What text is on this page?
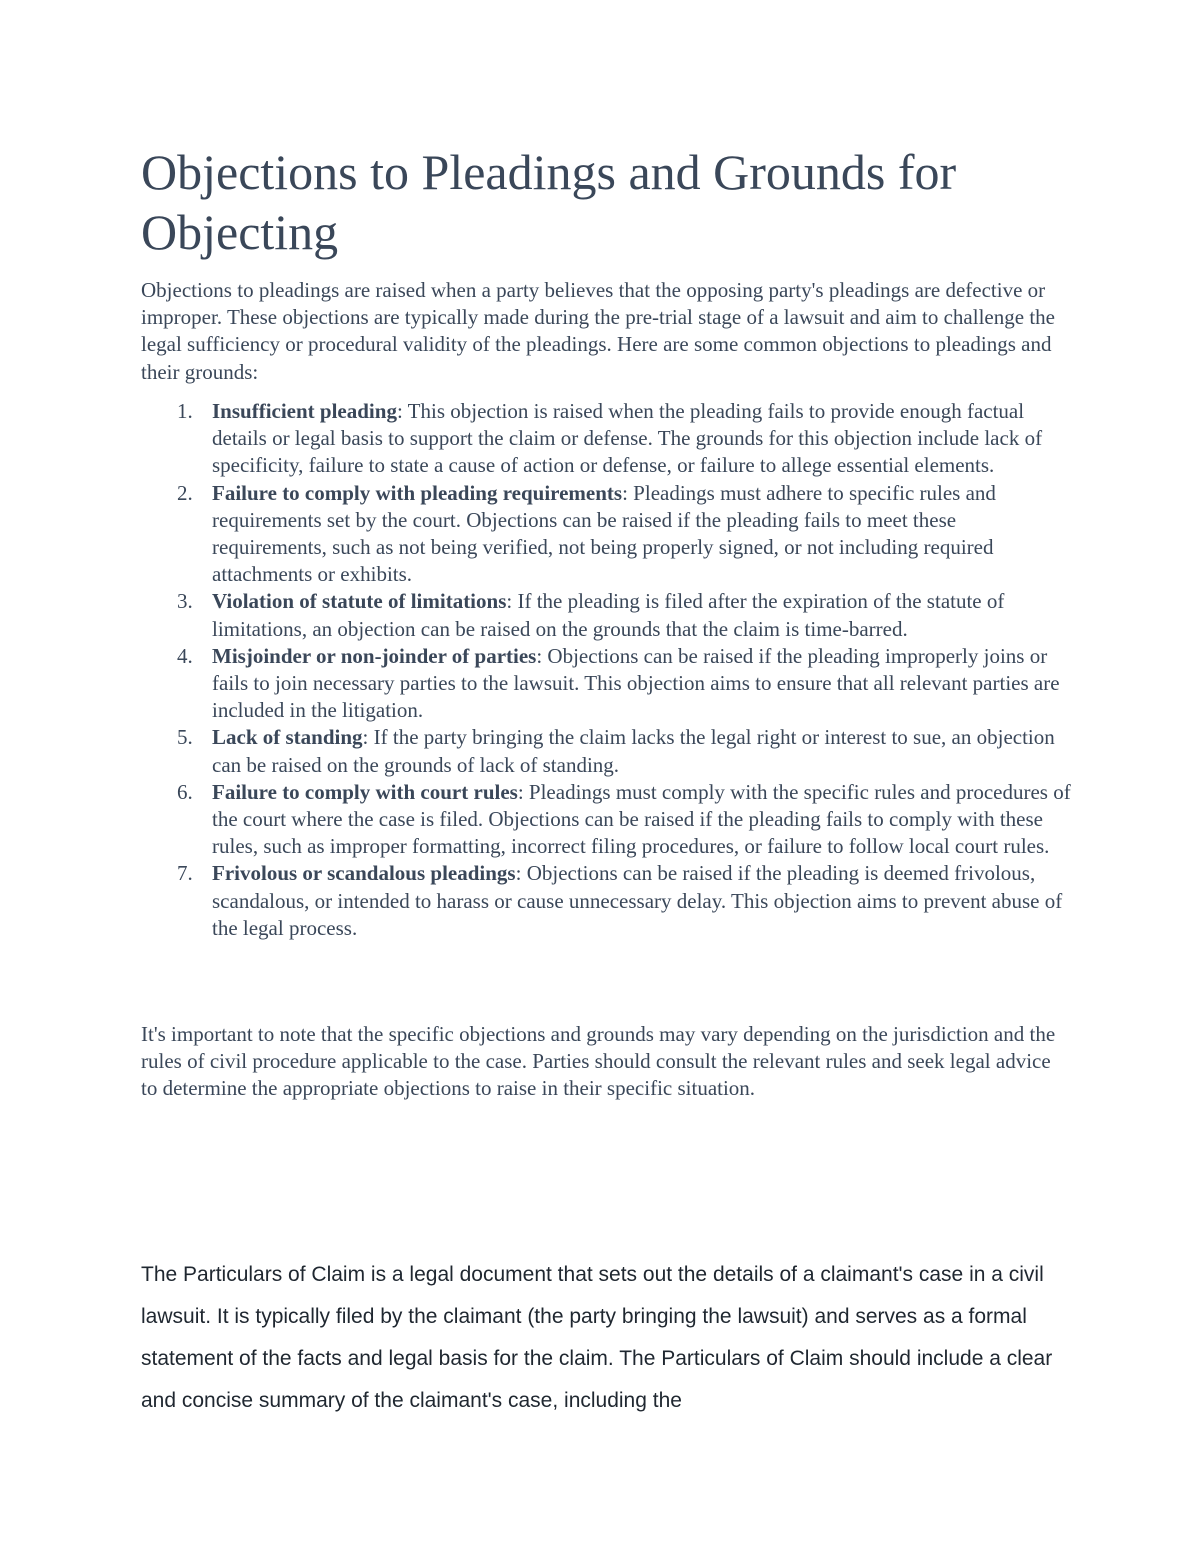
Objections to Pleadings and Grounds for Objecting

Objections to pleadings are raised when a party believes that the opposing party's pleadings are defective or improper. These objections are typically made during the pre-trial stage of a lawsuit and aim to challenge the legal sufficiency or procedural validity of the pleadings. Here are some common objections to pleadings and their grounds:

1. Insufficient pleading: This objection is raised when the pleading fails to provide enough factual details or legal basis to support the claim or defense. The grounds for this objection include lack of specificity, failure to state a cause of action or defense, or failure to allege essential elements.
2. Failure to comply with pleading requirements: Pleadings must adhere to specific rules and requirements set by the court. Objections can be raised if the pleading fails to meet these requirements, such as not being verified, not being properly signed, or not including required attachments or exhibits.
3. Violation of statute of limitations: If the pleading is filed after the expiration of the statute of limitations, an objection can be raised on the grounds that the claim is time-barred.
4. Misjoinder or non-joinder of parties: Objections can be raised if the pleading improperly joins or fails to join necessary parties to the lawsuit. This objection aims to ensure that all relevant parties are included in the litigation.
5. Lack of standing: If the party bringing the claim lacks the legal right or interest to sue, an objection can be raised on the grounds of lack of standing.
6. Failure to comply with court rules: Pleadings must comply with the specific rules and procedures of the court where the case is filed. Objections can be raised if the pleading fails to comply with these rules, such as improper formatting, incorrect filing procedures, or failure to follow local court rules.
7. Frivolous or scandalous pleadings: Objections can be raised if the pleading is deemed frivolous, scandalous, or intended to harass or cause unnecessary delay. This objection aims to prevent abuse of the legal process.

It's important to note that the specific objections and grounds may vary depending on the jurisdiction and the rules of civil procedure applicable to the case. Parties should consult the relevant rules and seek legal advice to determine the appropriate objections to raise in their specific situation.

The Particulars of Claim is a legal document that sets out the details of a claimant's case in a civil lawsuit. It is typically filed by the claimant (the party bringing the lawsuit) and serves as a formal statement of the facts and legal basis for the claim. The Particulars of Claim should include a clear and concise summary of the claimant's case, including the
